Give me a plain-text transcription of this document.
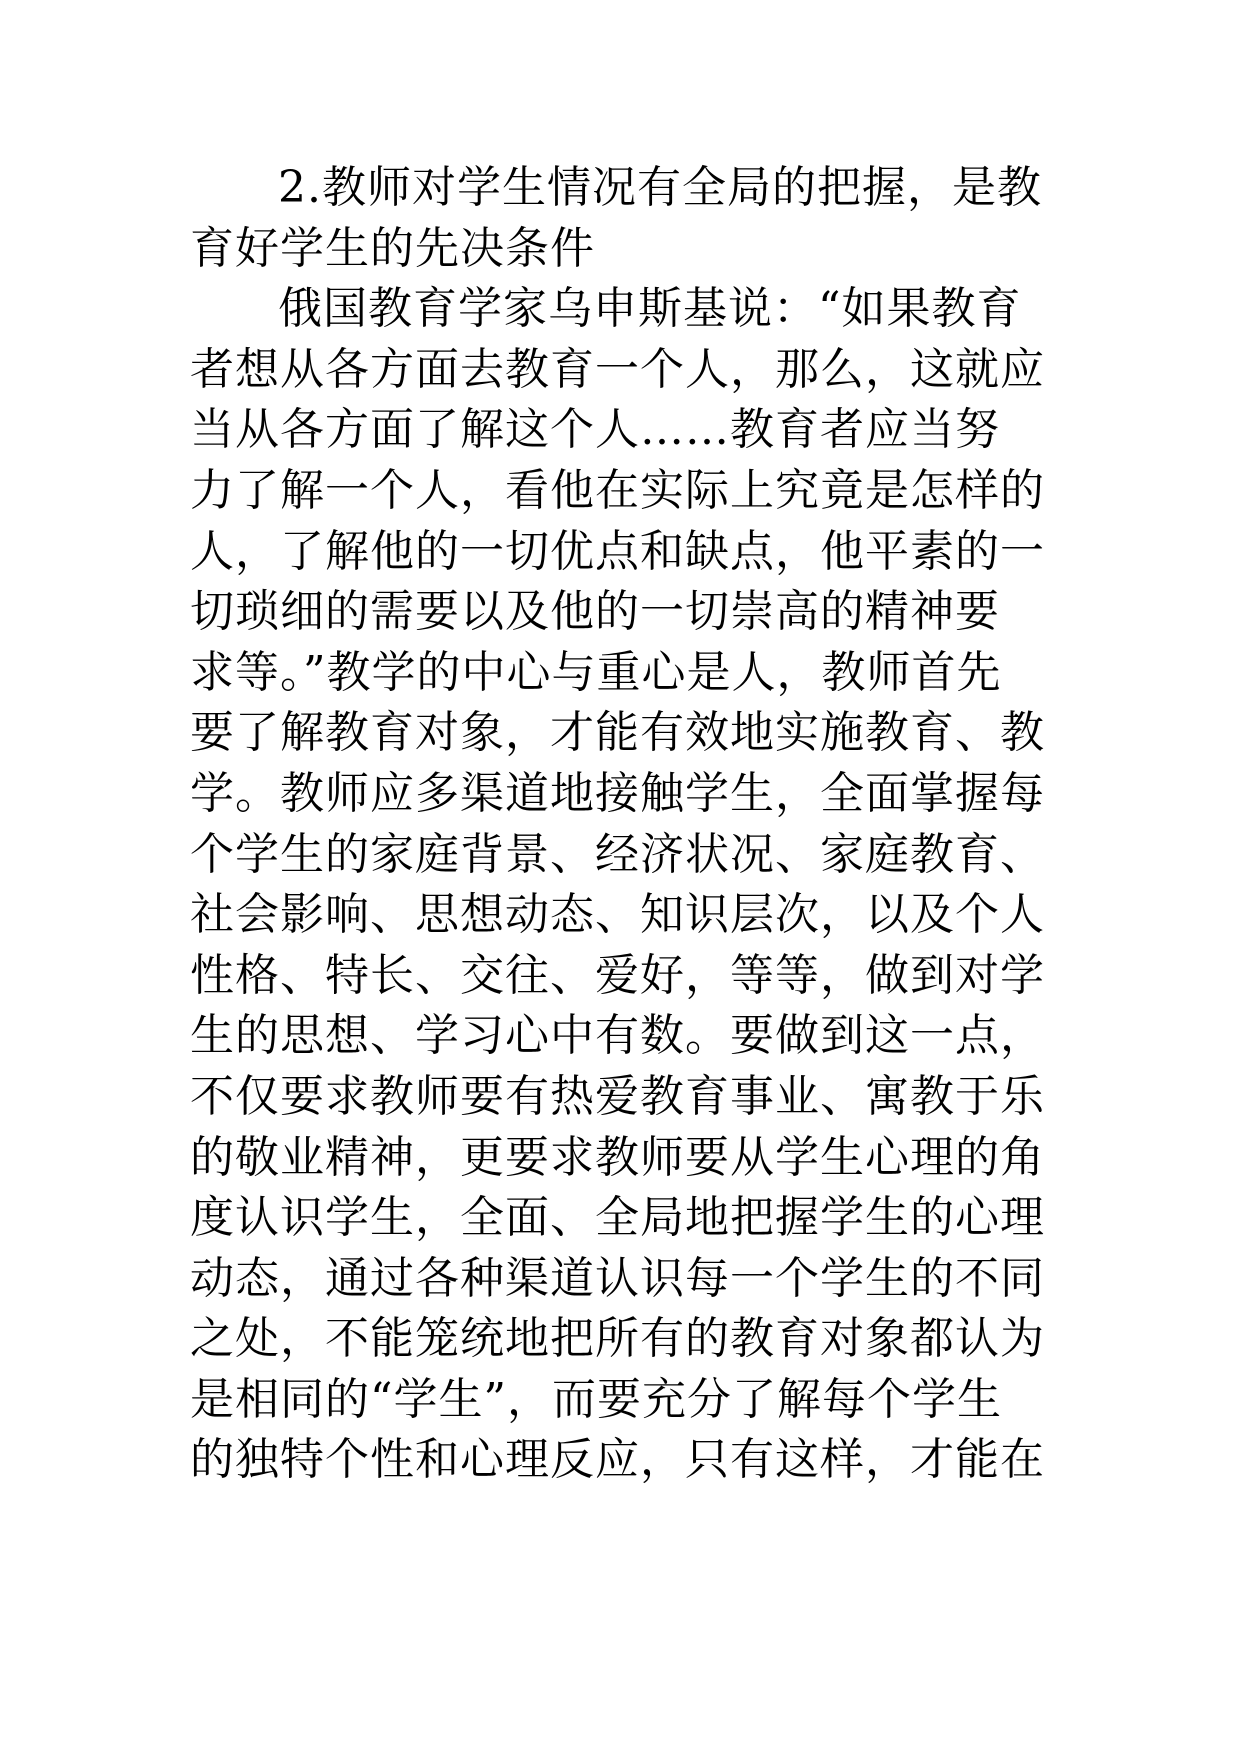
2.教师对学生情况有全局的把握，是教
育好学生的先决条件
俄国教育学家乌申斯基说：“如果教育
者想从各方面去教育一个人，那么，这就应
当从各方面了解这个人……教育者应当努
力了解一个人，看他在实际上究竟是怎样的
人，了解他的一切优点和缺点，他平素的一
切琐细的需要以及他的一切崇高的精神要
求等。”教学的中心与重心是人，教师首先
要了解教育对象，才能有效地实施教育、教
学。教师应多渠道地接触学生，全面掌握每
个学生的家庭背景、经济状况、家庭教育、
社会影响、思想动态、知识层次，以及个人
性格、特长、交往、爱好，等等，做到对学
生的思想、学习心中有数。要做到这一点，
不仅要求教师要有热爱教育事业、寓教于乐
的敬业精神，更要求教师要从学生心理的角
度认识学生，全面、全局地把握学生的心理
动态，通过各种渠道认识每一个学生的不同
之处，不能笼统地把所有的教育对象都认为
是相同的“学生”，而要充分了解每个学生
的独特个性和心理反应，只有这样，才能在
